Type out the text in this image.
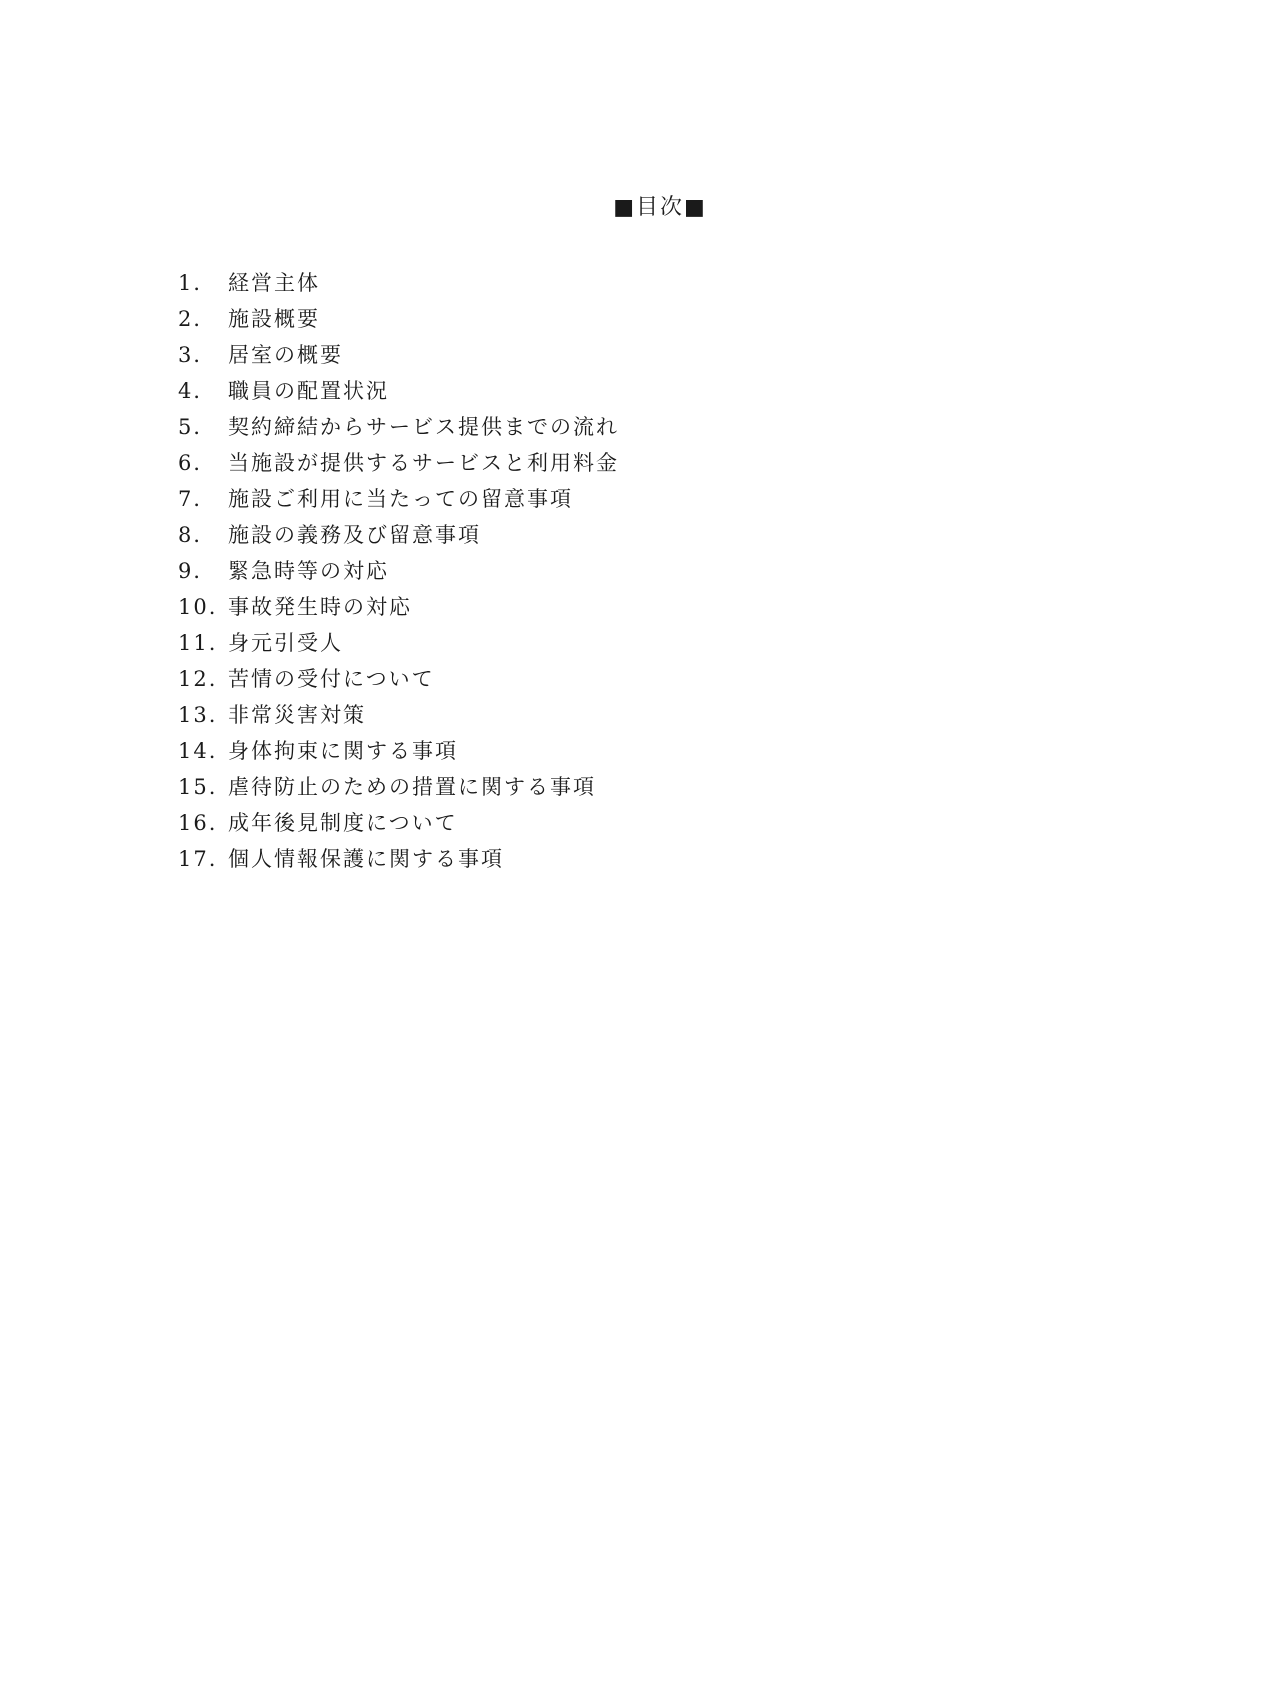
■目次■
1． 経営主体
2． 施設概要
3． 居室の概要
4． 職員の配置状況
5． 契約締結からサービス提供までの流れ
6． 当施設が提供するサービスと利用料金
7． 施設ご利用に当たっての留意事項
8． 施設の義務及び留意事項
9． 緊急時等の対応
10. 事故発生時の対応
11. 身元引受人
12. 苦情の受付について
13. 非常災害対策
14. 身体拘束に関する事項
15. 虐待防止のための措置に関する事項
16. 成年後見制度について
17. 個人情報保護に関する事項
